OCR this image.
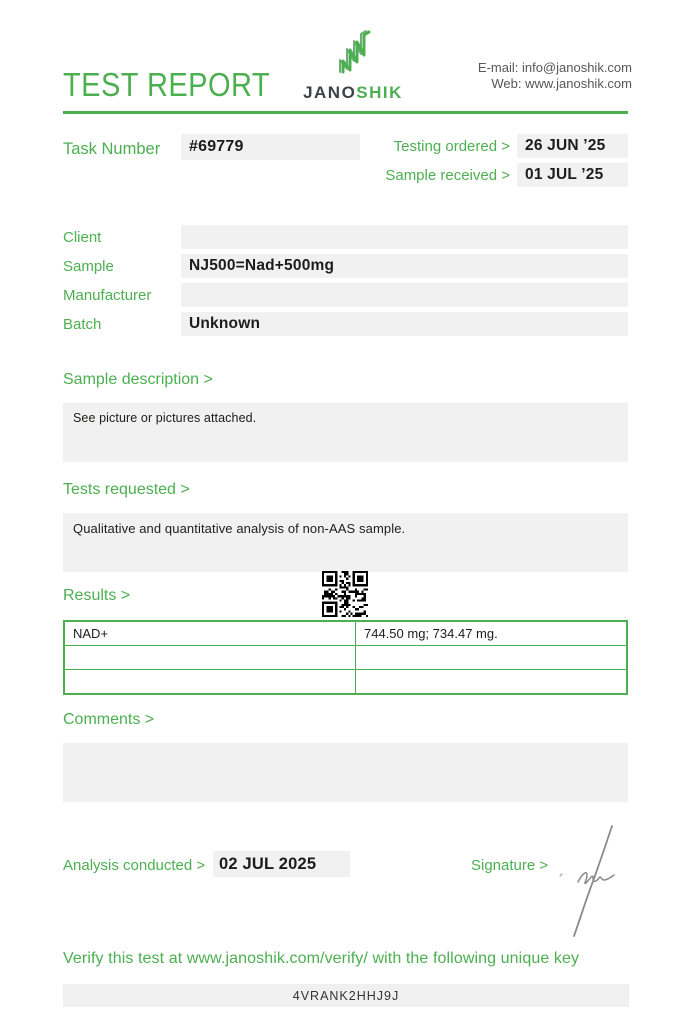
TEST REPORT JANOSHIK
E-mail: info@janoshik.com
Web: www.janoshik.com
Task Number #69779	Testing ordered > 26 JUN ’25
Sample received > 01 JUL ’25
Client
Sample	NJ500=Nad+500mg
Manufacturer
Batch	Unknown
Sample description >
See picture or pictures attached.
Tests requested >
Qualitative and quantitative analysis of non-AAS sample.
Results >
NAD+	744.50 mg; 734.47 mg.

Comments >
Analysis conducted > 02 JUL 2025	Signature >
Verify this test at www.janoshik.com/verify/ with the following unique key
4VRANK2HHJ9J
